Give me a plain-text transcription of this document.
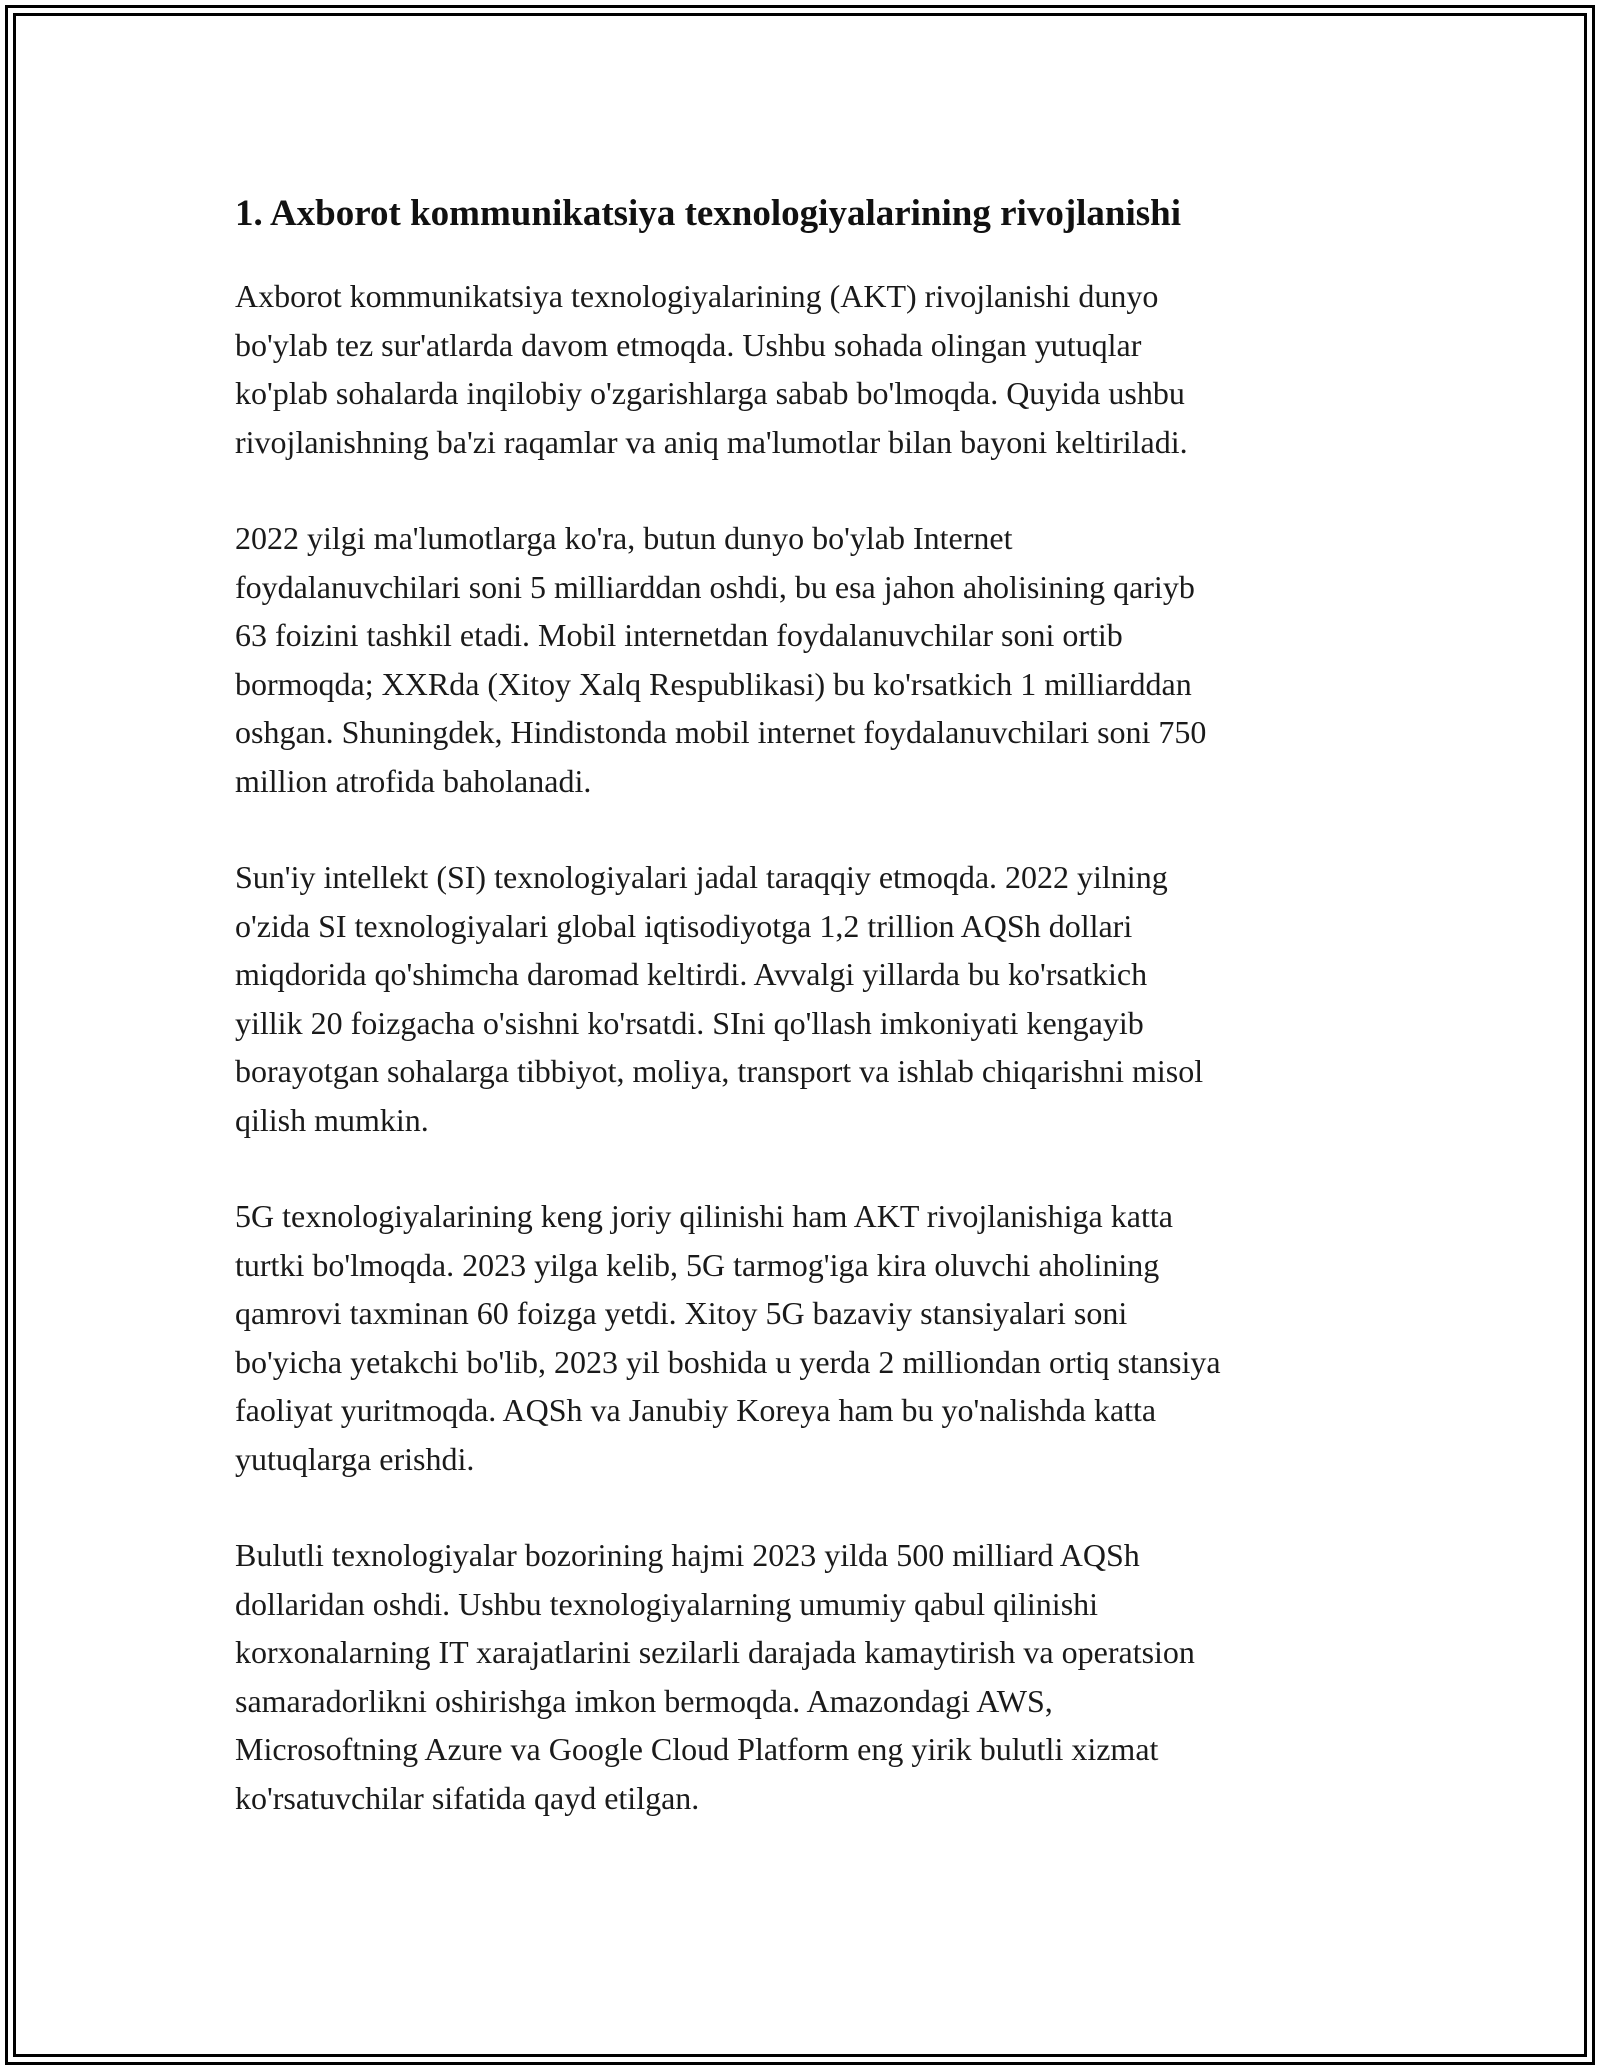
1. Axborot kommunikatsiya texnologiyalarining rivojlanishi

Axborot kommunikatsiya texnologiyalarining (AKT) rivojlanishi dunyo
bo'ylab tez sur'atlarda davom etmoqda. Ushbu sohada olingan yutuqlar
ko'plab sohalarda inqilobiy o'zgarishlarga sabab bo'lmoqda. Quyida ushbu
rivojlanishning ba'zi raqamlar va aniq ma'lumotlar bilan bayoni keltiriladi.

2022 yilgi ma'lumotlarga ko'ra, butun dunyo bo'ylab Internet
foydalanuvchilari soni 5 milliarddan oshdi, bu esa jahon aholisining qariyb
63 foizini tashkil etadi. Mobil internetdan foydalanuvchilar soni ortib
bormoqda; XXRda (Xitoy Xalq Respublikasi) bu ko'rsatkich 1 milliarddan
oshgan. Shuningdek, Hindistonda mobil internet foydalanuvchilari soni 750
million atrofida baholanadi.

Sun'iy intellekt (SI) texnologiyalari jadal taraqqiy etmoqda. 2022 yilning
o'zida SI texnologiyalari global iqtisodiyotga 1,2 trillion AQSh dollari
miqdorida qo'shimcha daromad keltirdi. Avvalgi yillarda bu ko'rsatkich
yillik 20 foizgacha o'sishni ko'rsatdi. SIni qo'llash imkoniyati kengayib
borayotgan sohalarga tibbiyot, moliya, transport va ishlab chiqarishni misol
qilish mumkin.

5G texnologiyalarining keng joriy qilinishi ham AKT rivojlanishiga katta
turtki bo'lmoqda. 2023 yilga kelib, 5G tarmog'iga kira oluvchi aholining
qamrovi taxminan 60 foizga yetdi. Xitoy 5G bazaviy stansiyalari soni
bo'yicha yetakchi bo'lib, 2023 yil boshida u yerda 2 milliondan ortiq stansiya
faoliyat yuritmoqda. AQSh va Janubiy Koreya ham bu yo'nalishda katta
yutuqlarga erishdi.

Bulutli texnologiyalar bozorining hajmi 2023 yilda 500 milliard AQSh
dollaridan oshdi. Ushbu texnologiyalarning umumiy qabul qilinishi
korxonalarning IT xarajatlarini sezilarli darajada kamaytirish va operatsion
samaradorlikni oshirishga imkon bermoqda. Amazondagi AWS,
Microsoftning Azure va Google Cloud Platform eng yirik bulutli xizmat
ko'rsatuvchilar sifatida qayd etilgan.
